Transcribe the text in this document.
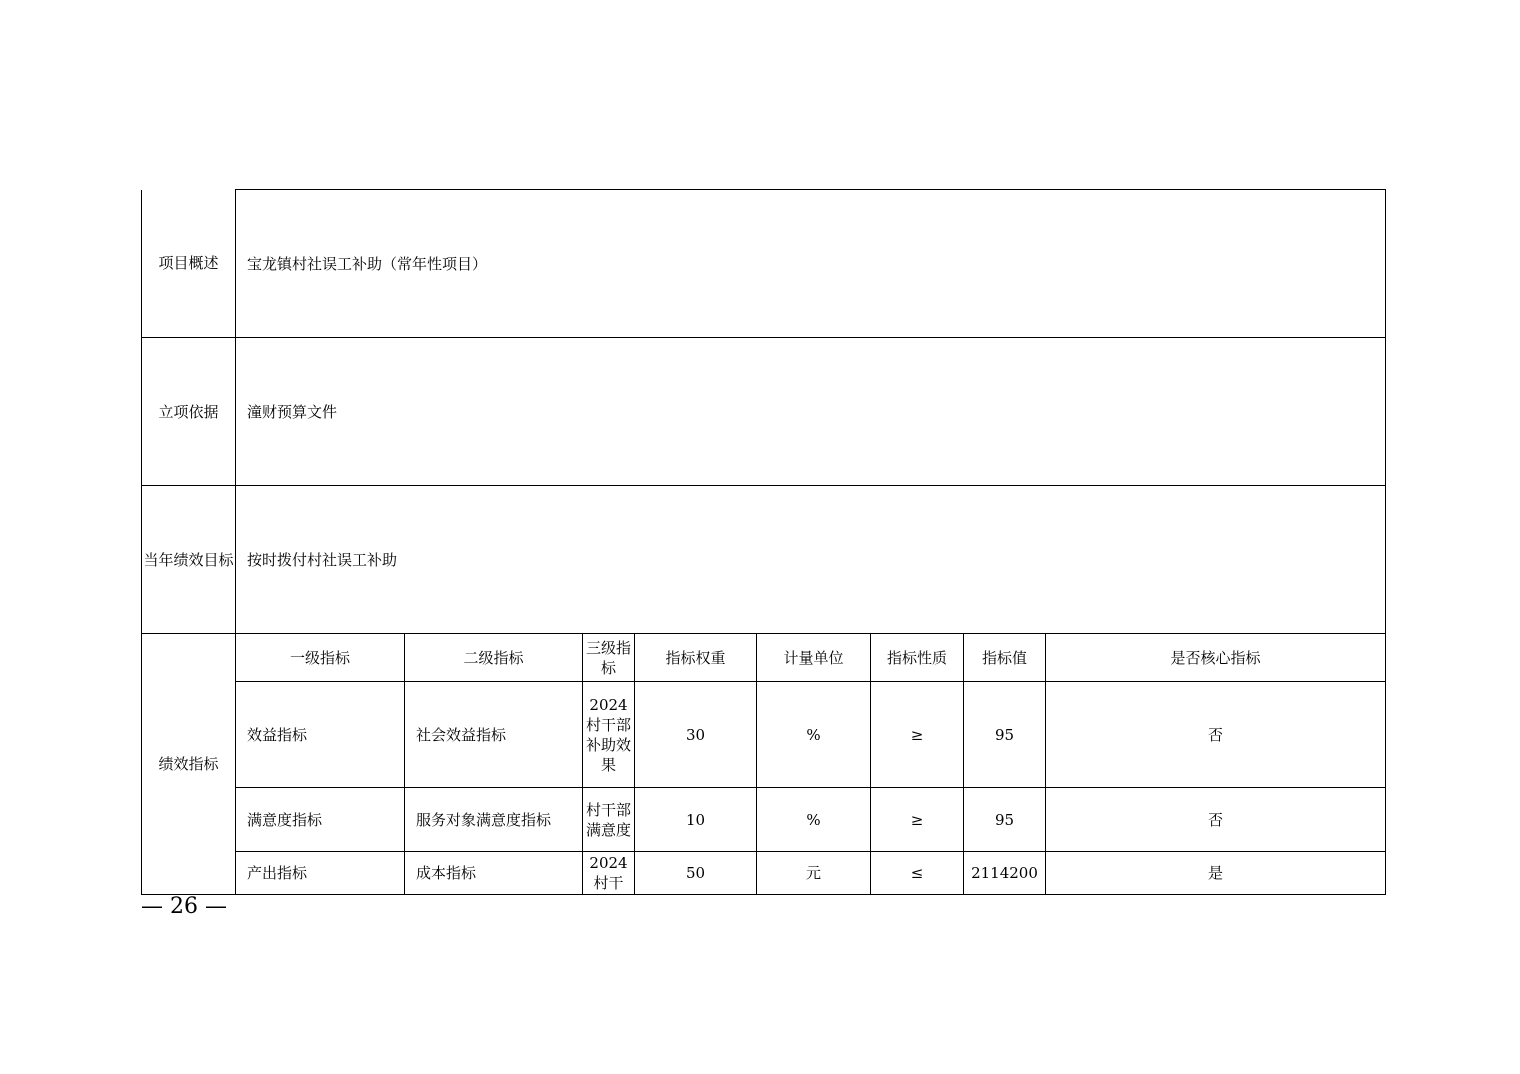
项目概述	宝龙镇村社误工补助（常年性项目）							
立项依据	潼财预算文件							
当年绩效目标	按时拨付村社误工补助							
绩效指标	一级指标	二级指标	三级指标	指标权重	计量单位	指标性质	指标值	是否核心指标
	效益指标	社会效益指标	2024村干部补助效果	30	%	≥	95	否
	满意度指标	服务对象满意度指标	村干部满意度	10	%	≥	95	否
	产出指标	成本指标	2024村干	50	元	≤	2114200	是
— 26 —
